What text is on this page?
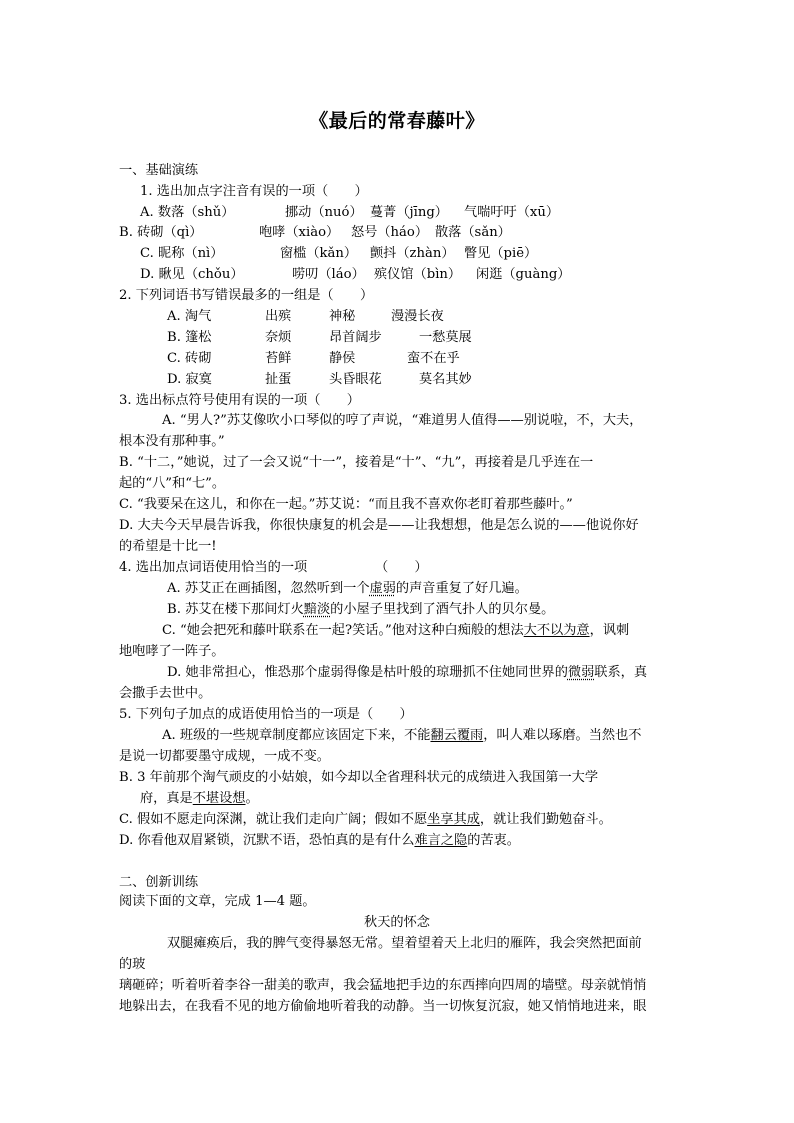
《最后的常春藤叶》
一、基础演练
1. 选出加点字注音有误的一项（　　）
A. 数落（shǔ）	挪动（nuó） 蔓菁（jīng） 气喘吁吁（xū）
B. 砖砌（qì）	咆哮（xiào） 怒号（háo） 散落（sǎn）
C. 昵称（nì）	窗槛（kǎn） 颤抖（zhàn） 瞥见（piē）
D. 瞅见（chǒu）	唠叨（láo） 殡仪馆（bìn） 闲逛（guàng）
2. 下列词语书写错误最多的一组是（　　）
A. 淘气	出殡	神秘	漫漫长夜
B. 篷松	奈烦	昂首阔步	一愁莫展
C. 砖砌	苔鲜	静侯	蛮不在乎
D. 寂寞	扯蛋	头昏眼花	莫名其妙
3. 选出标点符号使用有误的一项（　　）
A. “男人?”苏艾像吹小口琴似的哼了声说，“难道男人值得——别说啦，不，大夫，
根本没有那种事。”
B. “十二，”她说，过了一会又说“十一”，接着是“十”、“九”，再接着是几乎连在一
起的“八”和“七”。
C. “我要呆在这儿，和你在一起。”苏艾说：“而且我不喜欢你老盯着那些藤叶。”
D. 大夫今天早晨告诉我，你很快康复的机会是——让我想想，他是怎么说的——他说你好
的希望是十比一!
4. 选出加点词语使用恰当的一项	（　　）
A. 苏艾正在画插图，忽然听到一个虚弱的声音重复了好几遍。
B. 苏艾在楼下那间灯火黯淡的小屋子里找到了酒气扑人的贝尔曼。
C. “她会把死和藤叶联系在一起?笑话。”他对这种白痴般的想法大不以为意，讽刺
地咆哮了一阵子。
D. 她非常担心，惟恐那个虚弱得像是枯叶般的琼珊抓不住她同世界的微弱联系，真
会撒手去世中。
5. 下列句子加点的成语使用恰当的一项是（　　）
A. 班级的一些规章制度都应该固定下来，不能翻云覆雨，叫人难以琢磨。当然也不
是说一切都要墨守成规，一成不变。
B. 3 年前那个淘气顽皮的小姑娘，如今却以全省理科状元的成绩进入我国第一大学
府，真是不堪设想。
C. 假如不愿走向深渊，就让我们走向广阔；假如不愿坐享其成，就让我们勤勉奋斗。
D. 你看他双眉紧锁，沉默不语，恐怕真的是有什么难言之隐的苦衷。
二、创新训练
阅读下面的文章，完成 1—4 题。
秋天的怀念
双腿瘫痪后，我的脾气变得暴怒无常。望着望着天上北归的雁阵，我会突然把面前
的玻
璃砸碎；听着听着李谷一甜美的歌声，我会猛地把手边的东西摔向四周的墙壁。母亲就悄悄
地躲出去，在我看不见的地方偷偷地听着我的动静。当一切恢复沉寂，她又悄悄地进来，眼
